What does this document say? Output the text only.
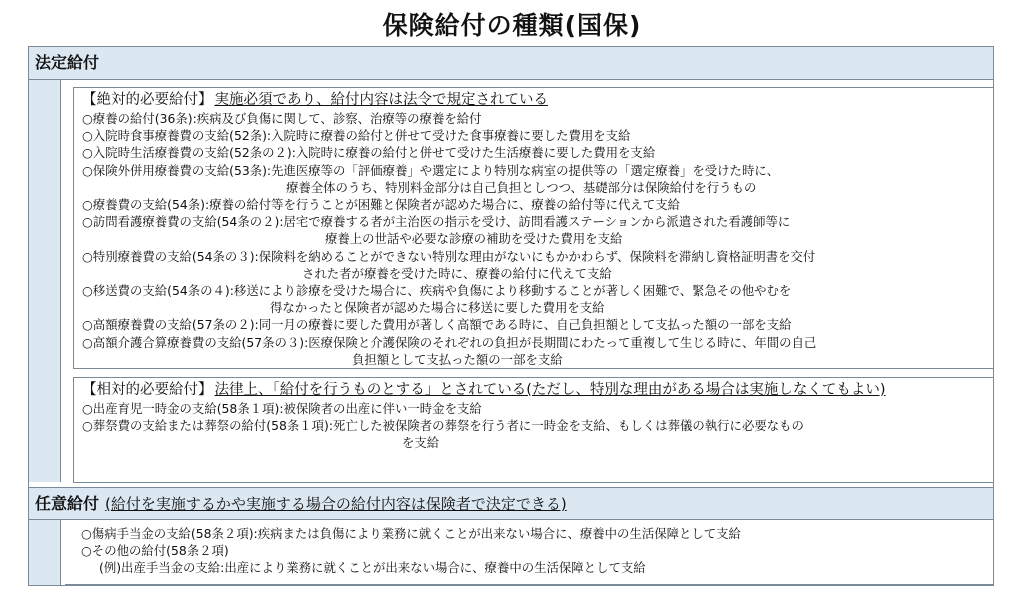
保険給付の種類(国保)
法定給付
【絶対的必要給付】 実施必須であり、給付内容は法令で規定されている
○療養の給付(36条):疾病及び負傷に関して、診察、治療等の療養を給付
○入院時食事療養費の支給(52条):入院時に療養の給付と併せて受けた食事療養に要した費用を支給
○入院時生活療養費の支給(52条の２):入院時に療養の給付と併せて受けた生活療養に要した費用を支給
○保険外併用療養費の支給(53条):先進医療等の「評価療養」や選定により特別な病室の提供等の「選定療養」を受けた時に、
療養全体のうち、特別料金部分は自己負担としつつ、基礎部分は保険給付を行うもの
○療養費の支給(54条):療養の給付等を行うことが困難と保険者が認めた場合に、療養の給付等に代えて支給
○訪問看護療養費の支給(54条の２):居宅で療養する者が主治医の指示を受け、訪問看護ステーションから派遣された看護師等に
療養上の世話や必要な診療の補助を受けた費用を支給
○特別療養費の支給(54条の３):保険料を納めることができない特別な理由がないにもかかわらず、保険料を滞納し資格証明書を交付
された者が療養を受けた時に、療養の給付に代えて支給
○移送費の支給(54条の４):移送により診療を受けた場合に、疾病や負傷により移動することが著しく困難で、緊急その他やむを
得なかったと保険者が認めた場合に移送に要した費用を支給
○高額療養費の支給(57条の２):同一月の療養に要した費用が著しく高額である時に、自己負担額として支払った額の一部を支給
○高額介護合算療養費の支給(57条の３):医療保険と介護保険のそれぞれの負担が長期間にわたって重複して生じる時に、年間の自己
負担額として支払った額の一部を支給
【相対的必要給付】 法律上、「給付を行うものとする」とされている(ただし、特別な理由がある場合は実施しなくてもよい)
○出産育児一時金の支給(58条１項):被保険者の出産に伴い一時金を支給
○葬祭費の支給または葬祭の給付(58条１項):死亡した被保険者の葬祭を行う者に一時金を支給、もしくは葬儀の執行に必要なもの
を支給
任意給付 (給付を実施するかや実施する場合の給付内容は保険者で決定できる)
○傷病手当金の支給(58条２項):疾病または負傷により業務に就くことが出来ない場合に、療養中の生活保障として支給
○その他の給付(58条２項)
(例)出産手当金の支給:出産により業務に就くことが出来ない場合に、療養中の生活保障として支給
